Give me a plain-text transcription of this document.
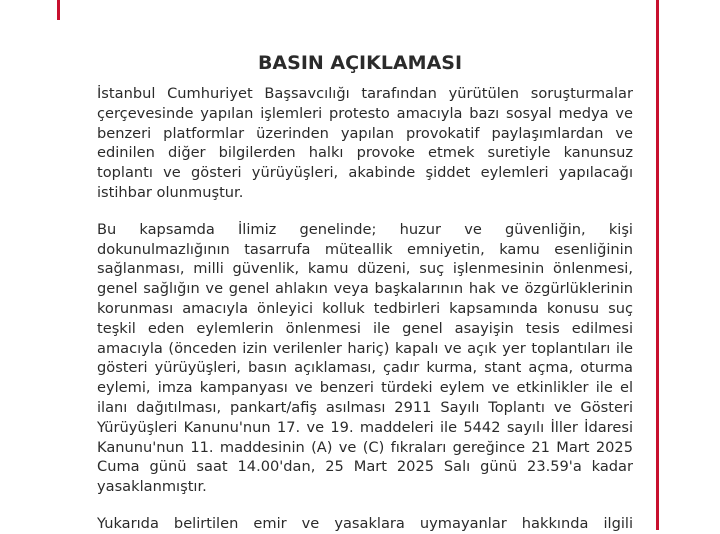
BASIN AÇIKLAMASI
İstanbul Cumhuriyet Başsavcılığı tarafından yürütülen soruşturmalar
çerçevesinde yapılan işlemleri protesto amacıyla bazı sosyal medya ve
benzeri platformlar üzerinden yapılan provokatif paylaşımlardan ve
edinilen diğer bilgilerden halkı provoke etmek suretiyle kanunsuz
toplantı ve gösteri yürüyüşleri, akabinde şiddet eylemleri yapılacağı
istihbar olunmuştur.
Bu kapsamda İlimiz genelinde; huzur ve güvenliğin, kişi
dokunulmazlığının tasarrufa müteallik emniyetin, kamu esenliğinin
sağlanması, milli güvenlik, kamu düzeni, suç işlenmesinin önlenmesi,
genel sağlığın ve genel ahlakın veya başkalarının hak ve özgürlüklerinin
korunması amacıyla önleyici kolluk tedbirleri kapsamında konusu suç
teşkil eden eylemlerin önlenmesi ile genel asayişin tesis edilmesi
amacıyla (önceden izin verilenler hariç) kapalı ve açık yer toplantıları ile
gösteri yürüyüşleri, basın açıklaması, çadır kurma, stant açma, oturma
eylemi, imza kampanyası ve benzeri türdeki eylem ve etkinlikler ile el
ilanı dağıtılması, pankart/afiş asılması 2911 Sayılı Toplantı ve Gösteri
Yürüyüşleri Kanunu'nun 17. ve 19. maddeleri ile 5442 sayılı İller İdaresi
Kanunu'nun 11. maddesinin (A) ve (C) fıkraları gereğince 21 Mart 2025
Cuma günü saat 14.00'dan, 25 Mart 2025 Salı günü 23.59'a kadar
yasaklanmıştır.
Yukarıda belirtilen emir ve yasaklara uymayanlar hakkında ilgili
